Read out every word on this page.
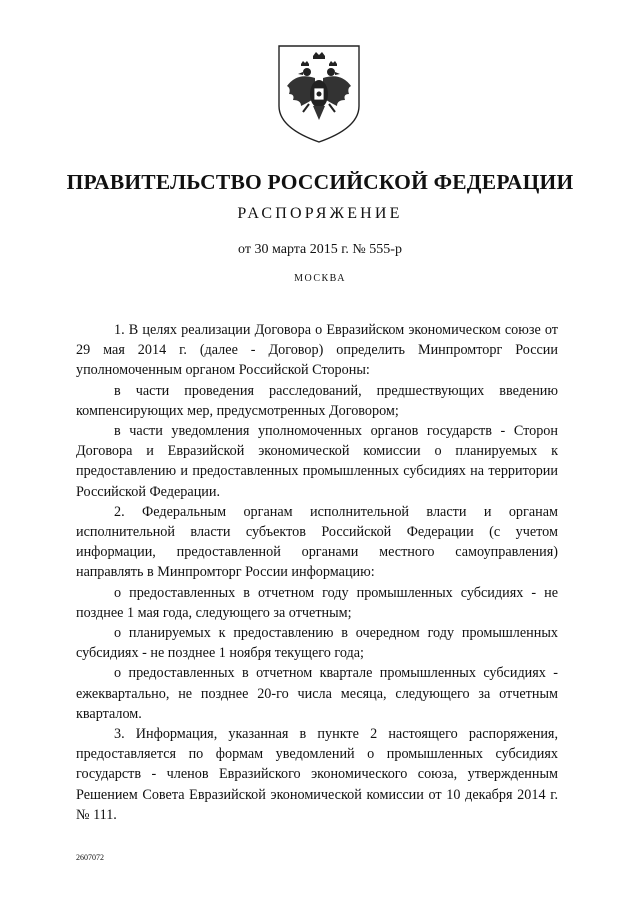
ПРАВИТЕЛЬСТВО РОССИЙСКОЙ ФЕДЕРАЦИИ
РАСПОРЯЖЕНИЕ
от 30 марта 2015 г. № 555-р
МОСКВА

1. В целях реализации Договора о Евразийском экономическом союзе от 29 мая 2014 г. (далее - Договор) определить Минпромторг России уполномоченным органом Российской Стороны:

в части проведения расследований, предшествующих введению компенсирующих мер, предусмотренных Договором;

в части уведомления уполномоченных органов государств - Сторон Договора и Евразийской экономической комиссии о планируемых к предоставлению и предоставленных промышленных субсидиях на территории Российской Федерации.

2. Федеральным органам исполнительной власти и органам исполнительной власти субъектов Российской Федерации (с учетом информации, предоставленной органами местного самоуправления) направлять в Минпромторг России информацию:

о предоставленных в отчетном году промышленных субсидиях - не позднее 1 мая года, следующего за отчетным;

о планируемых к предоставлению в очередном году промышленных субсидиях - не позднее 1 ноября текущего года;

о предоставленных в отчетном квартале промышленных субсидиях - ежеквартально, не позднее 20-го числа месяца, следующего за отчетным кварталом.

3. Информация, указанная в пункте 2 настоящего распоряжения, предоставляется по формам уведомлений о промышленных субсидиях государств - членов Евразийского экономического союза, утвержденным Решением Совета Евразийской экономической комиссии от 10 декабря 2014 г. № 111.

2607072
